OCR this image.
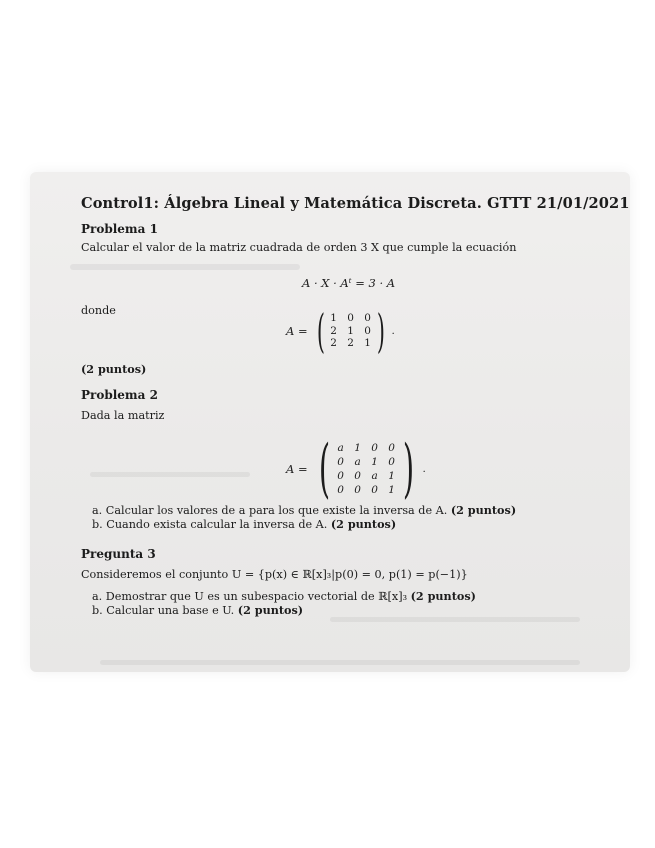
Control1: Álgebra Lineal y Matemática Discreta. GTTT 21/01/2021
Problema 1
Calcular el valor de la matriz cuadrada de orden 3 X que cumple la ecuación
A · X · Aᵗ = 3 · A
donde
A = ( 1 0 0
2 1 0
2 2 1 ) .
(2 puntos)
Problema 2
Dada la matriz
A = ( a 1 0 0
0 a 1 0
0 0 a 1
0 0 0 1 ) .
a. Calcular los valores de a para los que existe la inversa de A. (2 puntos)
b. Cuando exista calcular la inversa de A. (2 puntos)
Pregunta 3
Consideremos el conjunto U = {p(x) ∈ ℝ[x]₃|p(0) = 0, p(1) = p(−1)}
a. Demostrar que U es un subespacio vectorial de ℝ[x]₃ (2 puntos)
b. Calcular una base e U. (2 puntos)
